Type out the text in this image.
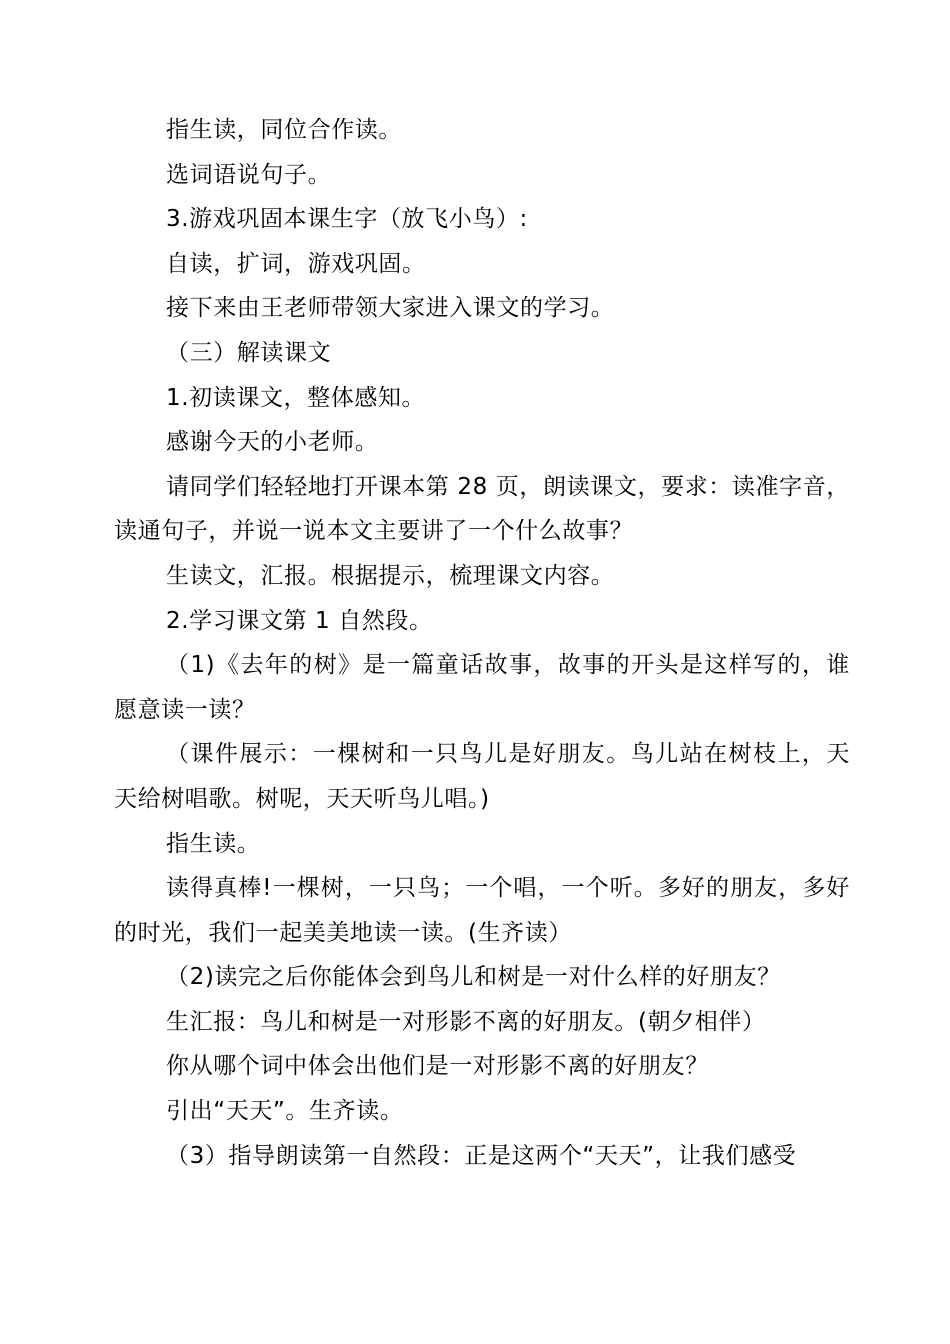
指生读，同位合作读。

选词语说句子。

3.游戏巩固本课生字（放飞小鸟）:

自读，扩词，游戏巩固。

接下来由王老师带领大家进入课文的学习。

（三）解读课文

1.初读课文，整体感知。

感谢今天的小老师。

请同学们轻轻地打开课本第 28 页，朗读课文，要求：读准字音，读通句子，并说一说本文主要讲了一个什么故事？

生读文，汇报。根据提示，梳理课文内容。

2.学习课文第 1 自然段。

（1)《去年的树》是一篇童话故事，故事的开头是这样写的，谁愿意读一读？

（课件展示：一棵树和一只鸟儿是好朋友。鸟儿站在树枝上，天天给树唱歌。树呢，天天听鸟儿唱。)

指生读。

读得真棒!一棵树，一只鸟；一个唱，一个听。多好的朋友，多好的时光，我们一起美美地读一读。(生齐读）

（2)读完之后你能体会到鸟儿和树是一对什么样的好朋友？

生汇报：鸟儿和树是一对形影不离的好朋友。(朝夕相伴）

你从哪个词中体会出他们是一对形影不离的好朋友？

引出“天天”。生齐读。

（3）指导朗读第一自然段：正是这两个“天天”，让我们感受
